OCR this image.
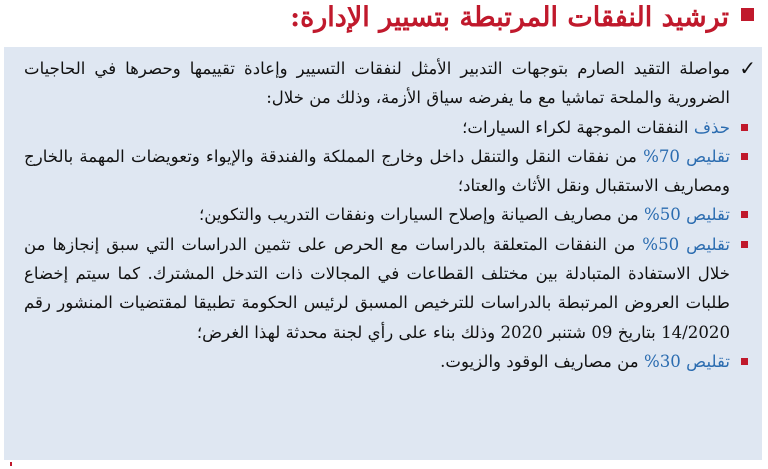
ترشيد النفقات المرتبطة بتسيير الإدارة:
✓
مواصلة التقيد الصارم بتوجهات التدبير الأمثل لنفقات التسيير وإعادة تقييمها وحصرها في الحاجيات الضرورية والملحة تماشيا مع ما يفرضه سياق الأزمة، وذلك من خلال:
حذف النفقات الموجهة لكراء السيارات؛
تقليص 70% من نفقات النقل والتنقل داخل وخارج المملكة والفندقة والإيواء وتعويضات المهمة بالخارج ومصاريف الاستقبال ونقل الأثاث والعتاد؛
تقليص 50% من مصاريف الصيانة وإصلاح السيارات ونفقات التدريب والتكوين؛
تقليص 50% من النفقات المتعلقة بالدراسات مع الحرص على تثمين الدراسات التي سبق إنجازها من خلال الاستفادة المتبادلة بين مختلف القطاعات في المجالات ذات التدخل المشترك. كما سيتم إخضاع طلبات العروض المرتبطة بالدراسات للترخيص المسبق لرئيس الحكومة تطبيقا لمقتضيات المنشور رقم 14/2020 بتاريخ 09 شتنبر 2020 وذلك بناء على رأي لجنة محدثة لهذا الغرض؛
تقليص 30% من مصاريف الوقود والزيوت.
